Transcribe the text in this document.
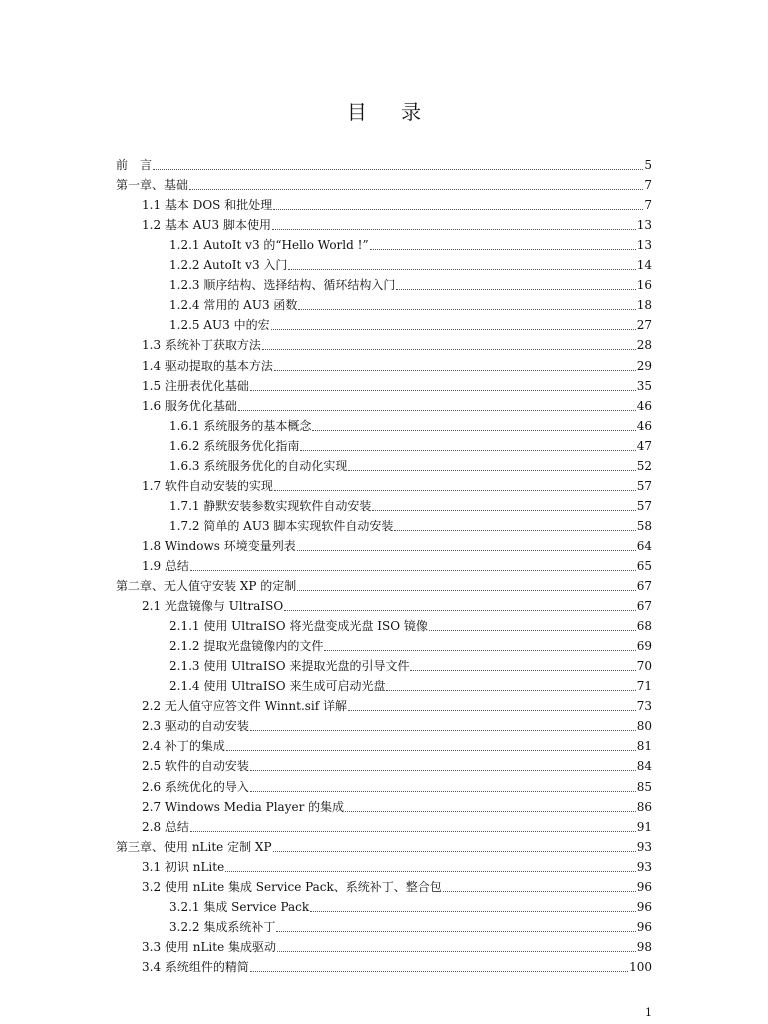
目 录
前　言	5
第一章、基础	7
1.1 基本 DOS 和批处理	7
1.2 基本 AU3 脚本使用	13
1.2.1 AutoIt v3 的“Hello World !”	13
1.2.2 AutoIt v3 入门	14
1.2.3 顺序结构、选择结构、循环结构入门	16
1.2.4 常用的 AU3 函数	18
1.2.5 AU3 中的宏	27
1.3 系统补丁获取方法	28
1.4 驱动提取的基本方法	29
1.5 注册表优化基础	35
1.6 服务优化基础	46
1.6.1 系统服务的基本概念	46
1.6.2 系统服务优化指南	47
1.6.3 系统服务优化的自动化实现	52
1.7 软件自动安装的实现	57
1.7.1 静默安装参数实现软件自动安装	57
1.7.2 简单的 AU3 脚本实现软件自动安装	58
1.8 Windows 环境变量列表	64
1.9 总结	65
第二章、无人值守安装 XP 的定制	67
2.1 光盘镜像与 UltraISO	67
2.1.1 使用 UltraISO 将光盘变成光盘 ISO 镜像	68
2.1.2 提取光盘镜像内的文件	69
2.1.3 使用 UltraISO 来提取光盘的引导文件	70
2.1.4 使用 UltraISO 来生成可启动光盘	71
2.2 无人值守应答文件 Winnt.sif 详解	73
2.3 驱动的自动安装	80
2.4 补丁的集成	81
2.5 软件的自动安装	84
2.6 系统优化的导入	85
2.7 Windows Media Player 的集成	86
2.8 总结	91
第三章、使用 nLite 定制 XP	93
3.1 初识 nLite	93
3.2 使用 nLite 集成 Service Pack、系统补丁、整合包	96
3.2.1 集成 Service Pack	96
3.2.2 集成系统补丁	96
3.3 使用 nLite 集成驱动	98
3.4 系统组件的精简	100
1
